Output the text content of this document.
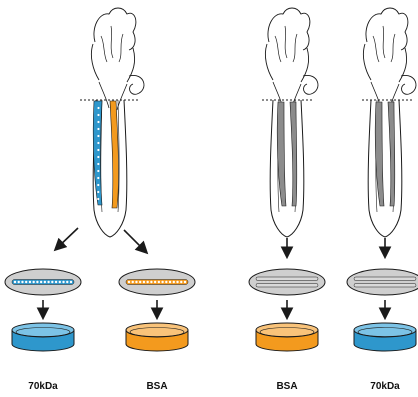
70kDa	BSA	BSA	70kDa
